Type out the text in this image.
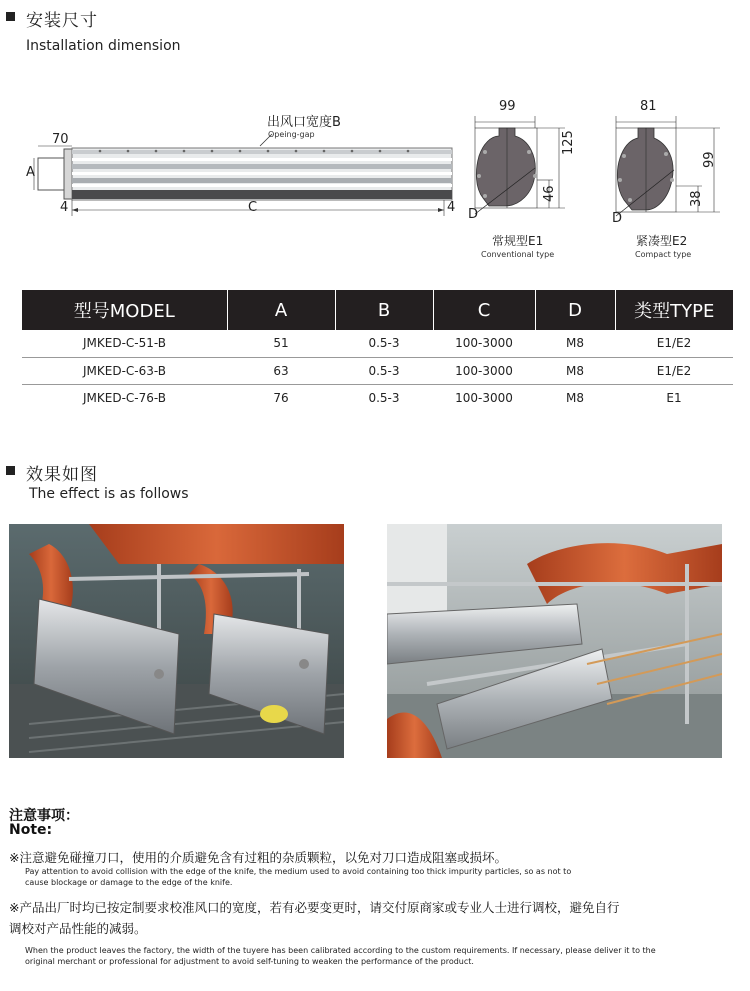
安装尺寸
Installation dimension
70
A
C
4	4
出风口宽度B
Opeing-gap
99
125
46
D
常规型E1
Conventional type
81
99
38
D
紧凑型E2
Compact type
型号MODEL	A	B	C	D	类型TYPE
JMKED-C-51-B	51	0.5-3	100-3000	M8	E1/E2
JMKED-C-63-B	63	0.5-3	100-3000	M8	E1/E2
JMKED-C-76-B	76	0.5-3	100-3000	M8	E1
效果如图
The effect is as follows
注意事项：
Note:
※注意避免碰撞刀口，使用的介质避免含有过粗的杂质颗粒，以免对刀口造成阻塞或损坏。
Pay attention to avoid collision with the edge of the knife, the medium used to avoid containing too thick impurity particles, so as not to cause blockage or damage to the edge of the knife.
※产品出厂时均已按定制要求校准风口的宽度，若有必要变更时，请交付原商家或专业人士进行调校，避免自行
调校对产品性能的减弱。
When the product leaves the factory, the width of the tuyere has been calibrated according to the custom requirements. If necessary, please deliver it to the original merchant or professional for adjustment to avoid self-tuning to weaken the performance of the product.
